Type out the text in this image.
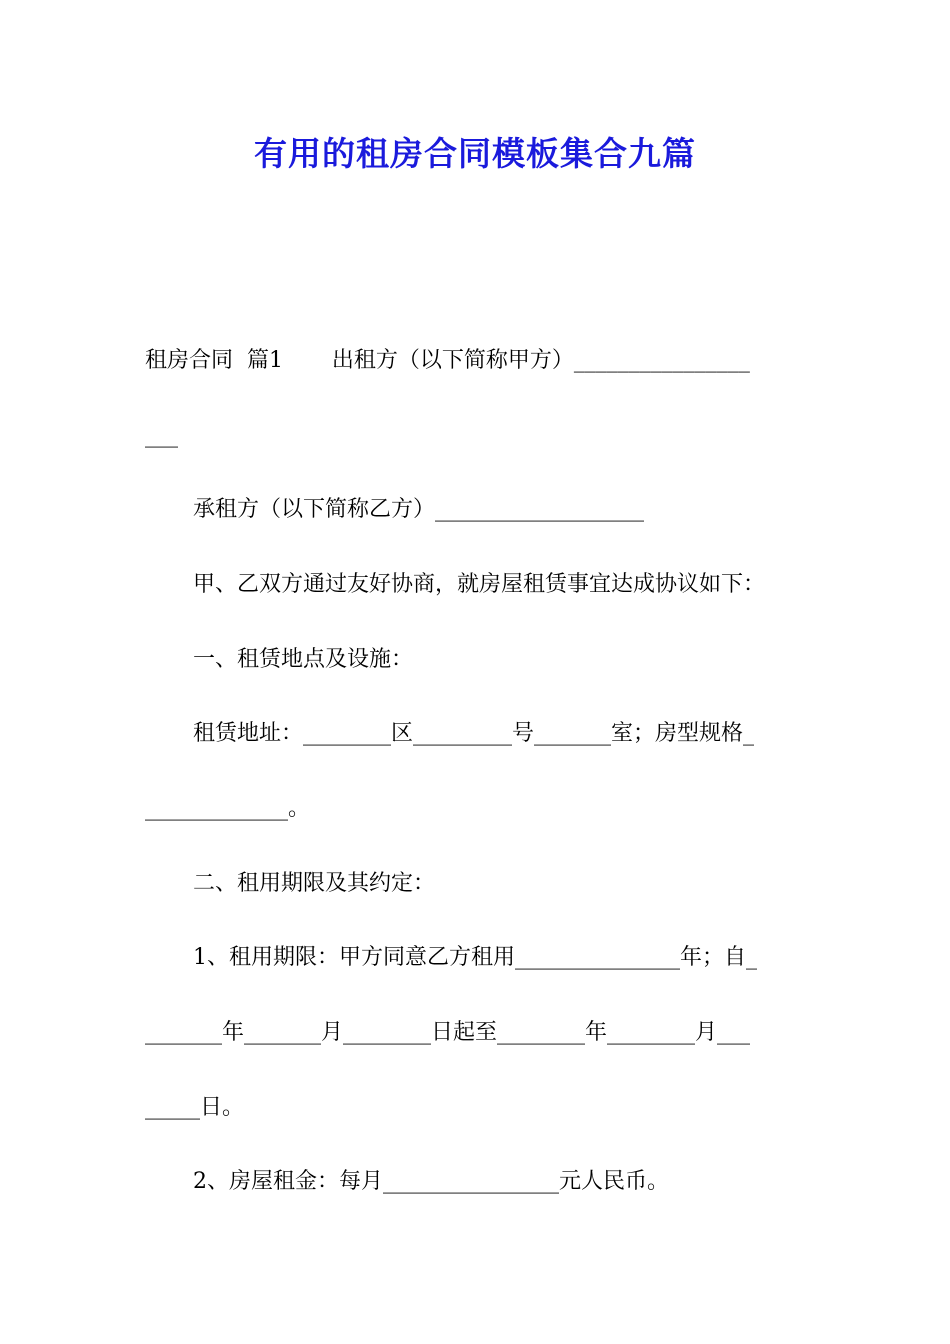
有用的租房合同模板集合九篇
租房合同  篇1       出租方（以下简称甲方）________________
___
承租方（以下简称乙方）___________________
甲、乙双方通过友好协商，就房屋租赁事宜达成协议如下：
一、租赁地点及设施：
租赁地址：________区_________号_______室；房型规格_
_____________。
二、租用期限及其约定：
1、租用期限：甲方同意乙方租用_______________年；自_
_______年_______月________日起至________年________月___
_____日。
2、房屋租金：每月________________元人民币。
